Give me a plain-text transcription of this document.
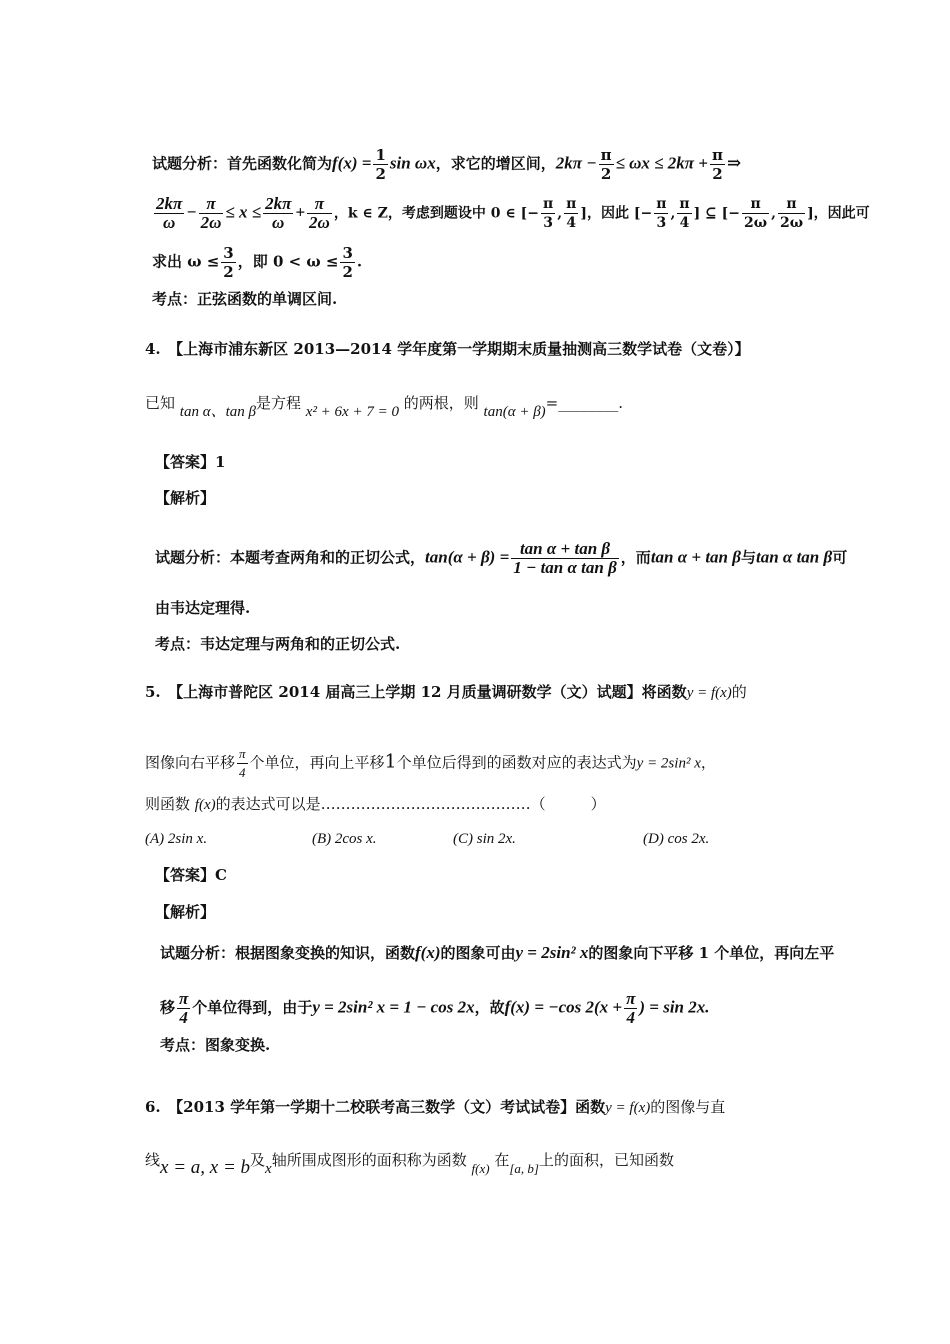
试题分析：首先函数化简为$f(x) = \frac{1}{2}$ sin ωx，求它的增区间，$2k\pi - \frac{\pi}{2} \le \omega x \le 2k\pi + \frac{\pi}{2}$ ⇒
$\frac{2k\pi}{\omega} - \frac{\pi}{2\omega} \le x \le \frac{2k\pi}{\omega} + \frac{\pi}{2\omega}$ ，k ∈ Z，考虑到题设中 0 ∈ [− $\frac{\pi}{3}$ , $\frac{\pi}{4}$ ]，因此 [− $\frac{\pi}{3}$ , $\frac{\pi}{4}$ ] ⊆ [− $\frac{\pi}{2\omega}$ , $\frac{\pi}{2\omega}$ ]，因此可
求出 $\omega \le \frac{3}{2}$ ，即 $0 < \omega \le \frac{3}{2}$ .
考点：正弦函数的单调区间.
4.　【上海市浦东新区 2013—2014 学年度第一学期期末质量抽测高三数学试卷（文卷）】
已知 tan α、tan β是方程 x² + 6x + 7 = 0 的两根，则 tan(α + β)=________.
【答案】1
【解析】
试题分析：本题考查两角和的正切公式，$\tan(\alpha + \beta) = \frac{\text{tan α + tan β}}{\text{1 − tan α tan β}}$ ，而tan α + tan β与tan α tan β可
由韦达定理得.
考点：韦达定理与两角和的正切公式.
5.　【上海市普陀区 2014 届高三上学期 12 月质量调研数学（文）试题】将函数y = f(x)的
图像向右平移 $\frac{\pi}{4}$ 个单位，再向上平移1个单位后得到的函数对应的表达式为y = 2sin² x，
则函数 f(x)的表达式可以是……………………………………（　　　）
(A) 2sin x.	(B) 2cos x.	(C) sin 2x.	(D) cos 2x.
【答案】C
【解析】
试题分析：根据图象变换的知识，函数f(x)的图象可由y = 2sin² x的图象向下平移 1 个单位，再向左平
移 $\frac{\pi}{4}$ 个单位得到，由于y = 2sin² x = 1 − cos 2x，故f(x) = −cos $2(x + \frac{\pi}{4}$ ) = sin 2x.
考点：图象变换.
6.　【2013 学年第一学期十二校联考高三数学（文）考试试卷】函数y = f(x)的图像与直
线x = a, x = b及x轴所围成图形的面积称为函数 f(x) 在[a, b]上的面积，已知函数
